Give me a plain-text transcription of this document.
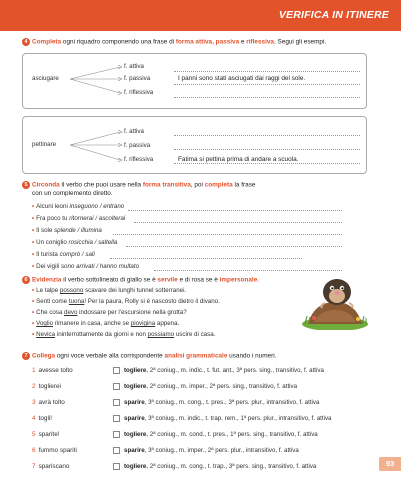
VERIFICA IN ITINERE
4 Completa ogni riquadro componendo una frase di forma attiva, passiva e riflessiva. Segui gli esempi.
asciugare
f. attiva
f. passiva
f. riflessiva
I panni sono stati asciugati dai raggi del sole.
pettinare
f. attiva
f. passiva
f. riflessiva	Fatima si pettina prima di andare a scuola.
5 Circonda il verbo che puoi usare nella forma transitiva, poi completa la frase
con un complemento diretto.
• Alcuni leoni inseguono / entrano
• Fra poco tu ritornerai / ascolterai
• Il sole splende / illumina
• Un coniglio rosicchia / saltella
• Il turista comprò / salì
• Dei vigili sono arrivati / hanno multato
6 Evidenzia il verbo sottolineato di giallo se è servile e di rosa se è impersonale.
• Le talpe possono scavare dei lunghi tunnel sotterranei.
• Senti come tuona! Per la paura, Rolly si è nascosto dietro il divano.
• Che cosa devo indossare per l'escursione nella grotta?
• Voglio rimanere in casa, anche se piovigina appena.
• Nevica ininterrottamente da giorni e non possiamo uscire di casa.
7 Collega ogni voce verbale alla corrispondente analisi grammaticale usando i numeri.
1 avesse tolto
2 toglierei
3 avrà tolto
4 togli!
5 sparite!
6 fummo spariti
7 spariscano
togliere, 2ª coniug., m. indic., t. fut. ant., 3ª pers. sing., transitivo, f. attiva
togliere, 2ª coniug., m. imper., 2ª pers. sing., transitivo, f. attiva
sparire, 3ª coniug., m. cong., t. pres., 3ª pers. plur., intransitivo, f. attiva
sparire, 3ª coniug., m. indic., t. trap. rem., 1ª pers. plur., intransitivo, f. attiva
togliere, 2ª coniug., m. cond., t. pres., 1ª pers. sing., transitivo, f. attiva
sparire, 3ª coniug., m. imper., 2ª pers. plur., intransitivo, f. attiva
togliere, 2ª coniug., m. cong., t. trap., 3ª pers. sing., transitivo, f. attiva	93
